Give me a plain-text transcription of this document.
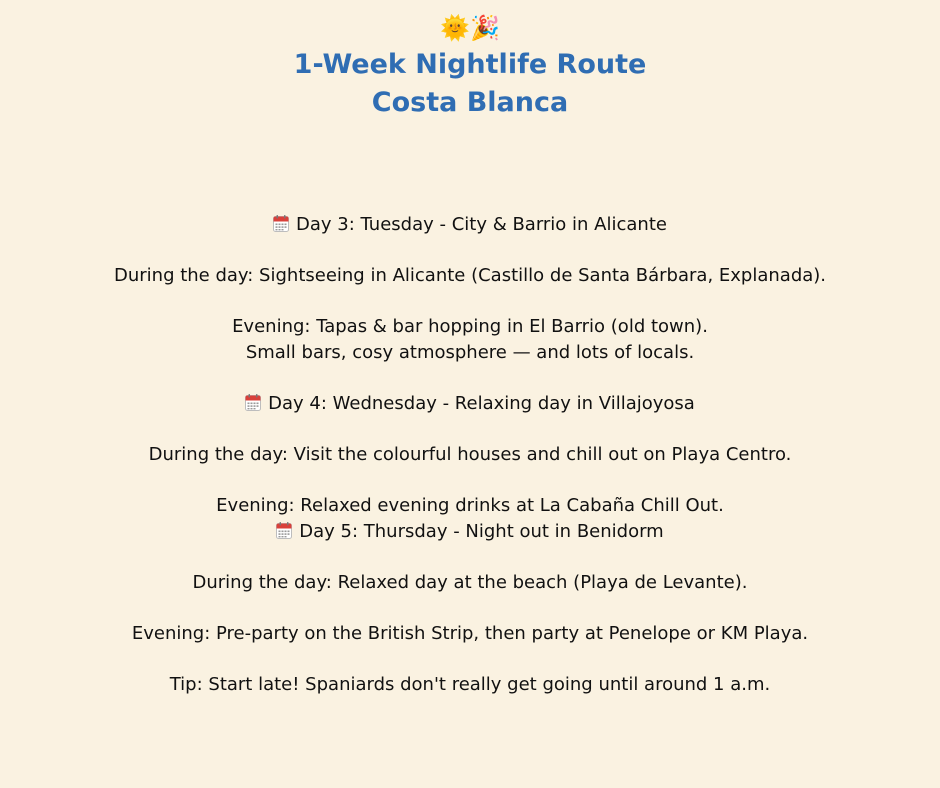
🌞 🎉
1-Week Nightlife Route
Costa Blanca
Day 3: Tuesday - City & Barrio in Alicante
During the day: Sightseeing in Alicante (Castillo de Santa Bárbara, Explanada).
Evening: Tapas & bar hopping in El Barrio (old town).
Small bars, cosy atmosphere — and lots of locals.
Day 4: Wednesday - Relaxing day in Villajoyosa
During the day: Visit the colourful houses and chill out on Playa Centro.
Evening: Relaxed evening drinks at La Cabaña Chill Out.
Day 5: Thursday - Night out in Benidorm
During the day: Relaxed day at the beach (Playa de Levante).
Evening: Pre-party on the British Strip, then party at Penelope or KM Playa.
Tip: Start late! Spaniards don't really get going until around 1 a.m.
